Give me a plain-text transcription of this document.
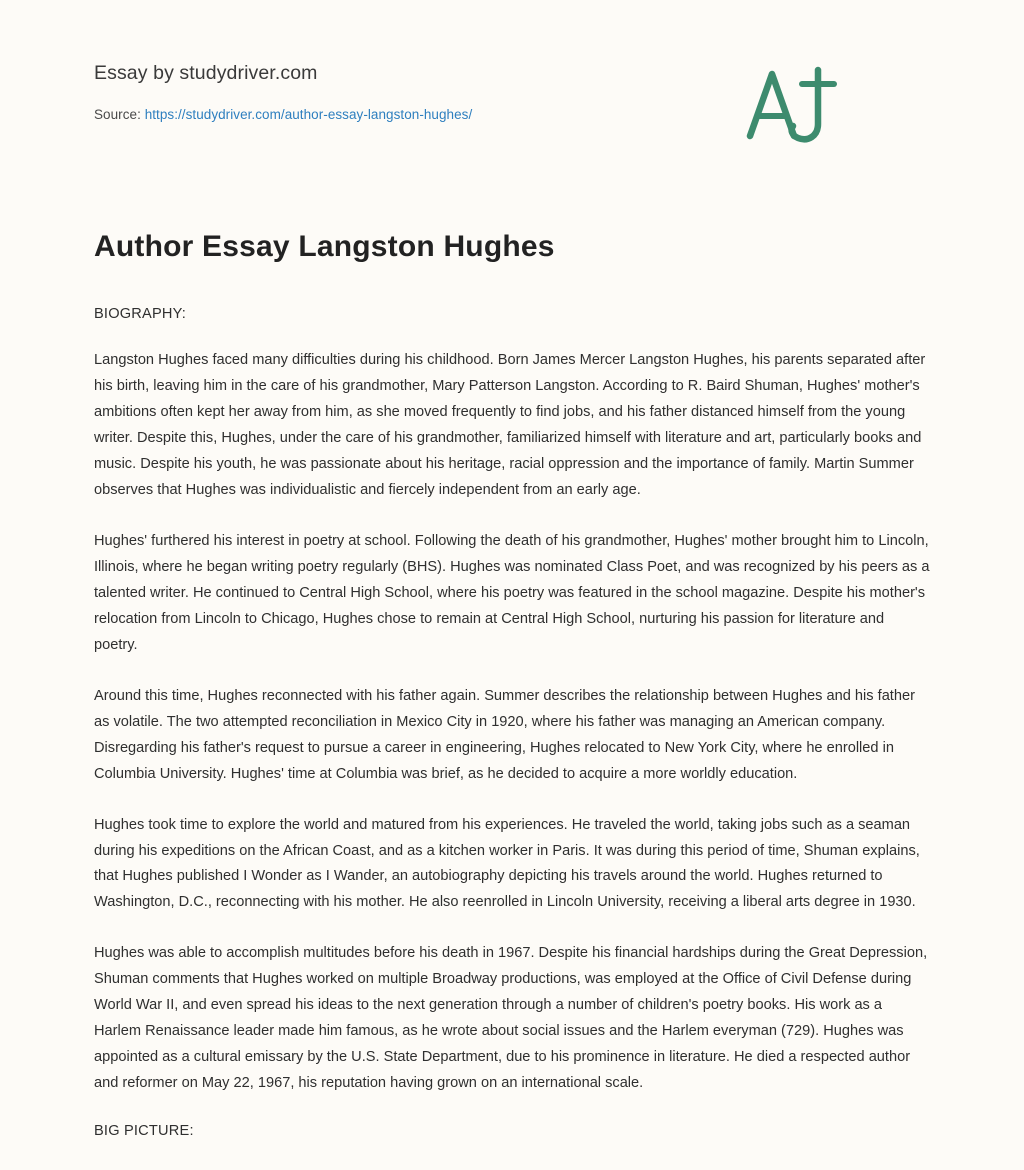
Essay by studydriver.com

Source: https://studydriver.com/author-essay-langston-hughes/

Author Essay Langston Hughes

BIOGRAPHY:

Langston Hughes faced many difficulties during his childhood. Born James Mercer Langston Hughes, his parents separated after his birth, leaving him in the care of his grandmother, Mary Patterson Langston. According to R. Baird Shuman, Hughes' mother's ambitions often kept her away from him, as she moved frequently to find jobs, and his father distanced himself from the young writer. Despite this, Hughes, under the care of his grandmother, familiarized himself with literature and art, particularly books and music. Despite his youth, he was passionate about his heritage, racial oppression and the importance of family. Martin Summer observes that Hughes was individualistic and fiercely independent from an early age.

Hughes' furthered his interest in poetry at school. Following the death of his grandmother, Hughes' mother brought him to Lincoln, Illinois, where he began writing poetry regularly (BHS). Hughes was nominated Class Poet, and was recognized by his peers as a talented writer. He continued to Central High School, where his poetry was featured in the school magazine. Despite his mother's relocation from Lincoln to Chicago, Hughes chose to remain at Central High School, nurturing his passion for literature and poetry.

Around this time, Hughes reconnected with his father again. Summer describes the relationship between Hughes and his father as volatile. The two attempted reconciliation in Mexico City in 1920, where his father was managing an American company. Disregarding his father's request to pursue a career in engineering, Hughes relocated to New York City, where he enrolled in Columbia University. Hughes' time at Columbia was brief, as he decided to acquire a more worldly education.

Hughes took time to explore the world and matured from his experiences. He traveled the world, taking jobs such as a seaman during his expeditions on the African Coast, and as a kitchen worker in Paris. It was during this period of time, Shuman explains, that Hughes published I Wonder as I Wander, an autobiography depicting his travels around the world. Hughes returned to Washington, D.C., reconnecting with his mother. He also reenrolled in Lincoln University, receiving a liberal arts degree in 1930.

Hughes was able to accomplish multitudes before his death in 1967. Despite his financial hardships during the Great Depression, Shuman comments that Hughes worked on multiple Broadway productions, was employed at the Office of Civil Defense during World War II, and even spread his ideas to the next generation through a number of children's poetry books. His work as a Harlem Renaissance leader made him famous, as he wrote about social issues and the Harlem everyman (729). Hughes was appointed as a cultural emissary by the U.S. State Department, due to his prominence in literature. He died a respected author and reformer on May 22, 1967, his reputation having grown on an international scale.

BIG PICTURE:
